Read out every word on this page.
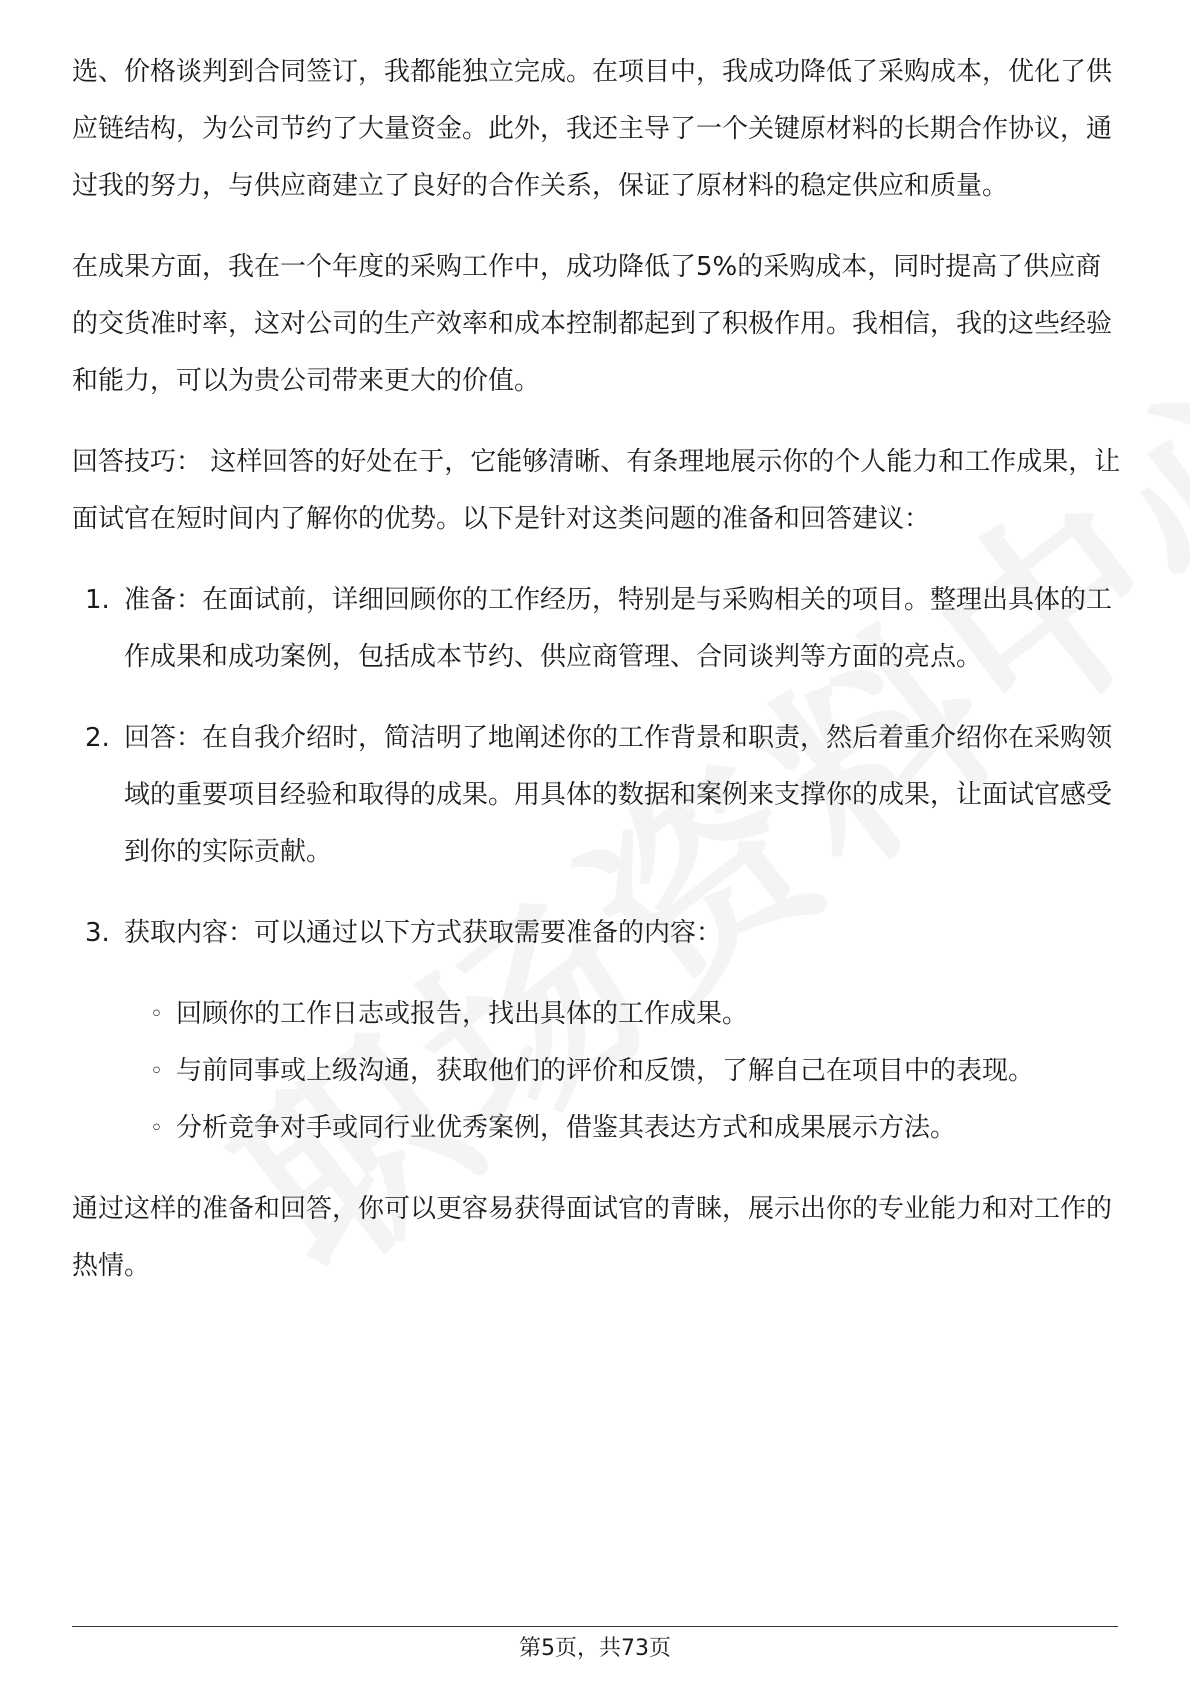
选、价格谈判到合同签订，我都能独立完成。在项目中，我成功降低了采购成本，优化了供应链结构，为公司节约了大量资金。此外，我还主导了一个关键原材料的长期合作协议，通过我的努力，与供应商建立了良好的合作关系，保证了原材料的稳定供应和质量。

在成果方面，我在一个年度的采购工作中，成功降低了5%的采购成本，同时提高了供应商的交货准时率，这对公司的生产效率和成本控制都起到了积极作用。我相信，我的这些经验和能力，可以为贵公司带来更大的价值。

回答技巧： 这样回答的好处在于，它能够清晰、有条理地展示你的个人能力和工作成果，让面试官在短时间内了解你的优势。以下是针对这类问题的准备和回答建议：

1. 准备：在面试前，详细回顾你的工作经历，特别是与采购相关的项目。整理出具体的工作成果和成功案例，包括成本节约、供应商管理、合同谈判等方面的亮点。

2. 回答：在自我介绍时，简洁明了地阐述你的工作背景和职责，然后着重介绍你在采购领域的重要项目经验和取得的成果。用具体的数据和案例来支撑你的成果，让面试官感受到你的实际贡献。

3. 获取内容：可以通过以下方式获取需要准备的内容：

◦ 回顾你的工作日志或报告，找出具体的工作成果。

◦ 与前同事或上级沟通，获取他们的评价和反馈，了解自己在项目中的表现。

◦ 分析竞争对手或同行业优秀案例，借鉴其表达方式和成果展示方法。

通过这样的准备和回答，你可以更容易获得面试官的青睐，展示出你的专业能力和对工作的热情。

第5页，共73页
